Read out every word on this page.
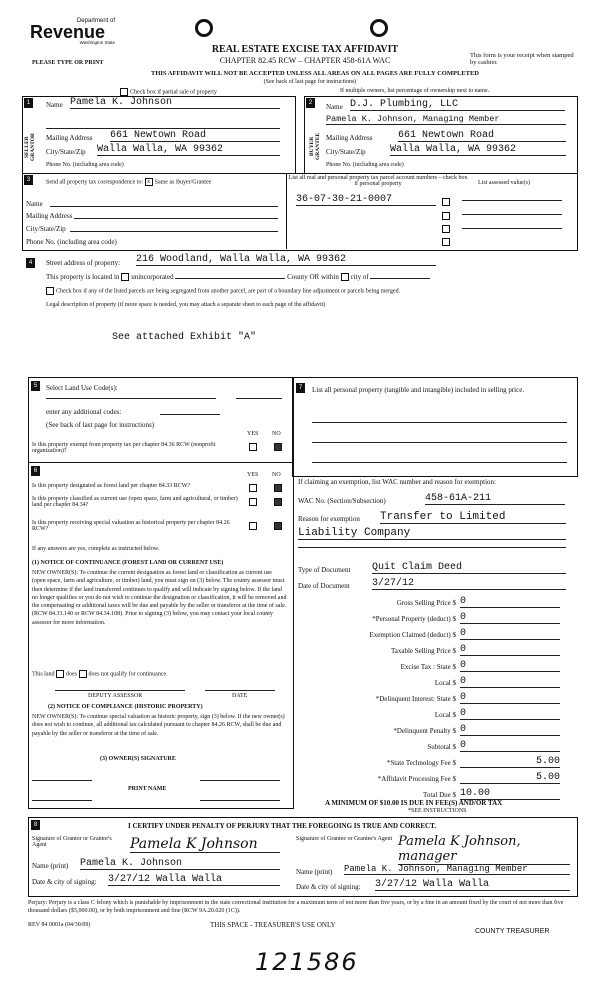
Department of
Revenue
Washington State
PLEASE TYPE OR PRINT
REAL ESTATE EXCISE TAX AFFIDAVIT
CHAPTER 82.45 RCW – CHAPTER 458-61A WAC
This form is your receipt when stamped by cashier.
THIS AFFIDAVIT WILL NOT BE ACCEPTED UNLESS ALL AREAS ON ALL PAGES ARE FULLY COMPLETED
(See back of last page for instructions)
Check box if partial sale of property	If multiple owners, list percentage of ownership next to name.
1
SELLER GRANTOR
Name Pamela K. Johnson
Mailing Address 661 Newtown Road
City/State/Zip Walla Walla, WA 99362
Phone No. (including area code)
2
BUYER GRANTEE
Name D.J. Plumbing, LLC
Pamela K. Johnson, Managing Member
Mailing Address	661 Newtown Road
City/State/Zip Walla Walla, WA 99362
Phone No. (including area code)
3	Send all property tax correspondence to: x Same as Buyer/Grantee
Name
Mailing Address
City/State/Zip
Phone No. (including area code)
List all real and personal property tax parcel account numbers – check box if personal property	List assessed value(s)
36-07-30-21-0007
4	Street address of property: 216 Woodland, Walla Walla, WA 99362
This property is located in unincorporated	County OR within city of
Check box if any of the listed parcels are being segregated from another parcel, are part of a boundary line adjustment or parcels being merged.
Legal description of property (if more space is needed, you may attach a separate sheet to each page of the affidavit)
See attached Exhibit "A"
5	Select Land Use Code(s):
enter any additional codes:
(See back of last page for instructions)
YES NO
Is this property exempt from property tax per chapter 84.36 RCW (nonprofit organization)?
6
YES NO
Is this property designated as forest land per chapter 84.33 RCW?
Is this property classified as current use (open space, farm and agricultural, or timber) land per chapter 84.34?
Is this property receiving special valuation as historical property per chapter 84.26 RCW?
If any answers are yes, complete as instructed below.
(1) NOTICE OF CONTINUANCE (FOREST LAND OR CURRENT USE)
NEW OWNER(S): To continue the current designation as forest land or classification as current use (open space, farm and agriculture, or timber) land, you must sign on (3) below. The county assessor must then determine if the land transferred continues to qualify and will indicate by signing below. If the land no longer qualifies or you do not wish to continue the designation or classification, it will be removed and the compensating or additional taxes will be due and payable by the seller or transferor at the time of sale. (RCW 84.33.140 or RCW 84.34.108). Prior to signing (3) below, you may contact your local county assessor for more information.
This land does does not qualify for continuance.
DEPUTY ASSESSOR	DATE
(2) NOTICE OF COMPLIANCE (HISTORIC PROPERTY)
NEW OWNER(S): To continue special valuation as historic property, sign (3) below. If the new owner(s) does not wish to continue, all additional tax calculated pursuant to chapter 84.26 RCW, shall be due and payable by the seller or transferor at the time of sale.
(3) OWNER(S) SIGNATURE
PRINT NAME
7	List all personal property (tangible and intangible) included in selling price.
If claiming an exemption, list WAC number and reason for exemption:
WAC No. (Section/Subsection)	458-61A-211
Reason for exemption Transfer to Limited
Liability Company
Type of Document Quit Claim Deed
Date of Document 3/27/12
Gross Selling Price $ 0
*Personal Property (deduct) $ 0
Exemption Claimed (deduct) $ 0
Taxable Selling Price $ 0
Excise Tax : State $ 0
Local $ 0
*Delinquent Interest: State $ 0
Local $ 0
*Delinquent Penalty $ 0
Subtotal $ 0
*State Technology Fee $	5.00
*Affidavit Processing Fee $	5.00
Total Due $ 10.00
A MINIMUM OF $10.00 IS DUE IN FEE(S) AND/OR TAX
*SEE INSTRUCTIONS
8	I CERTIFY UNDER PENALTY OF PERJURY THAT THE FOREGOING IS TRUE AND CORRECT.
Signature of Grantor or Grantor's Agent	Pamela K Johnson
Name (print) Pamela K. Johnson
Date & city of signing: 3/27/12 Walla Walla
Signature of Grantee or Grantee's Agent Pamela K Johnson, manager
Name (print) Pamela K. Johnson, Managing Member
Date & city of signing: 3/27/12 Walla Walla
Perjury: Perjury is a class C felony which is punishable by imprisonment in the state correctional institution for a maximum term of not more than five years, or by a fine in an amount fixed by the court of not more than five thousand dollars ($5,000.00), or by both imprisonment and fine (RCW 9A.20.020 (1C)).
REV 84 0001a (04/30/09)	THIS SPACE - TREASURER'S USE ONLY
COUNTY TREASURER
121586
